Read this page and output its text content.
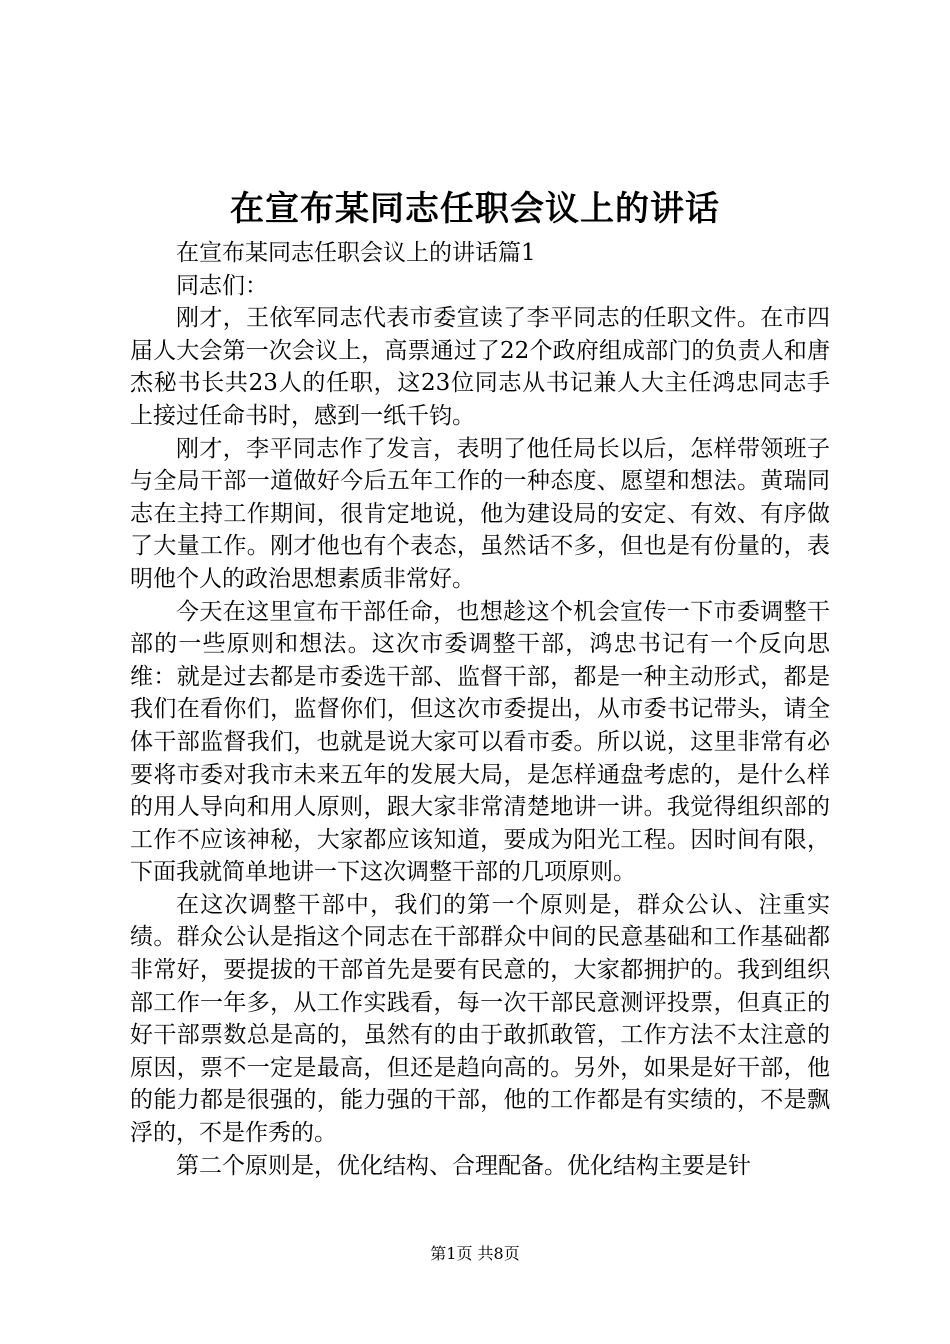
在宣布某同志任职会议上的讲话

在宣布某同志任职会议上的讲话篇1

同志们：

刚才，王依军同志代表市委宣读了李平同志的任职文件。在市四届人大会第一次会议上，高票通过了22个政府组成部门的负责人和唐杰秘书长共23人的任职，这23位同志从书记兼人大主任鸿忠同志手上接过任命书时，感到一纸千钧。

刚才，李平同志作了发言，表明了他任局长以后，怎样带领班子与全局干部一道做好今后五年工作的一种态度、愿望和想法。黄瑞同志在主持工作期间，很肯定地说，他为建设局的安定、有效、有序做了大量工作。刚才他也有个表态，虽然话不多，但也是有份量的，表明他个人的政治思想素质非常好。

今天在这里宣布干部任命，也想趁这个机会宣传一下市委调整干部的一些原则和想法。这次市委调整干部，鸿忠书记有一个反向思维：就是过去都是市委选干部、监督干部，都是一种主动形式，都是我们在看你们，监督你们，但这次市委提出，从市委书记带头，请全体干部监督我们，也就是说大家可以看市委。所以说，这里非常有必要将市委对我市未来五年的发展大局，是怎样通盘考虑的，是什么样的用人导向和用人原则，跟大家非常清楚地讲一讲。我觉得组织部的工作不应该神秘，大家都应该知道，要成为阳光工程。因时间有限，下面我就简单地讲一下这次调整干部的几项原则。

在这次调整干部中，我们的第一个原则是，群众公认、注重实绩。群众公认是指这个同志在干部群众中间的民意基础和工作基础都非常好，要提拔的干部首先是要有民意的，大家都拥护的。我到组织部工作一年多，从工作实践看，每一次干部民意测评投票，但真正的好干部票数总是高的，虽然有的由于敢抓敢管，工作方法不太注意的原因，票不一定是最高，但还是趋向高的。另外，如果是好干部，他的能力都是很强的，能力强的干部，他的工作都是有实绩的，不是飘浮的，不是作秀的。

第二个原则是，优化结构、合理配备。优化结构主要是针

第1页 共8页
